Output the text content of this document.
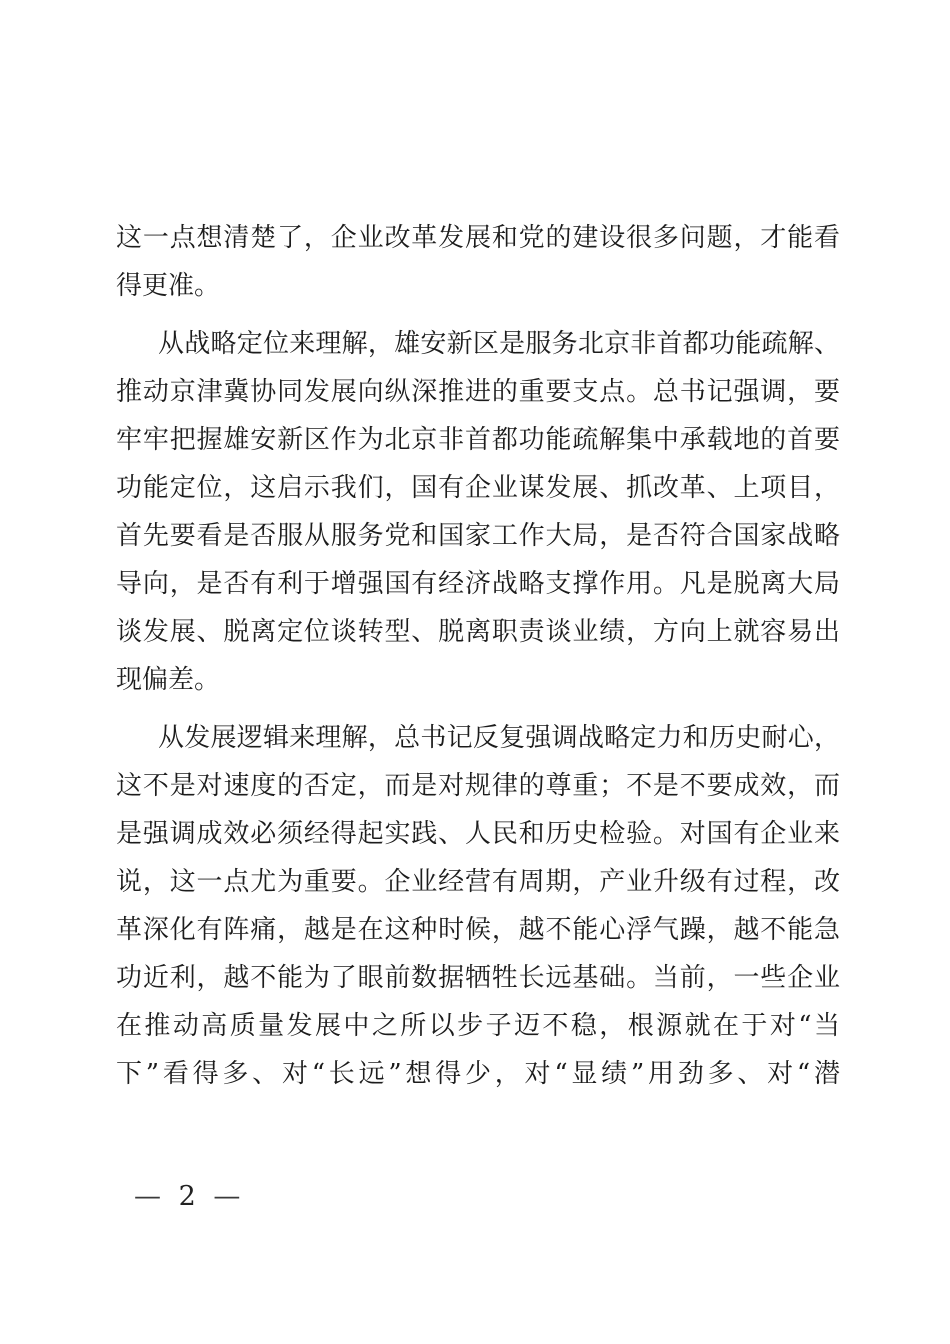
这一点想清楚了，企业改革发展和党的建设很多问题，才能看
得更准。
从战略定位来理解，雄安新区是服务北京非首都功能疏解、
推动京津冀协同发展向纵深推进的重要支点。总书记强调，要
牢牢把握雄安新区作为北京非首都功能疏解集中承载地的首要
功能定位，这启示我们，国有企业谋发展、抓改革、上项目，
首先要看是否服从服务党和国家工作大局，是否符合国家战略
导向，是否有利于增强国有经济战略支撑作用。凡是脱离大局
谈发展、脱离定位谈转型、脱离职责谈业绩，方向上就容易出
现偏差。
从发展逻辑来理解，总书记反复强调战略定力和历史耐心，
这不是对速度的否定，而是对规律的尊重；不是不要成效，而
是强调成效必须经得起实践、人民和历史检验。对国有企业来
说，这一点尤为重要。企业经营有周期，产业升级有过程，改
革深化有阵痛，越是在这种时候，越不能心浮气躁，越不能急
功近利，越不能为了眼前数据牺牲长远基础。当前，一些企业
在推动高质量发展中之所以步子迈不稳，根源就在于对“当
下”看得多、对“长远”想得少，对“显绩”用劲多、对“潜
— 2 —
